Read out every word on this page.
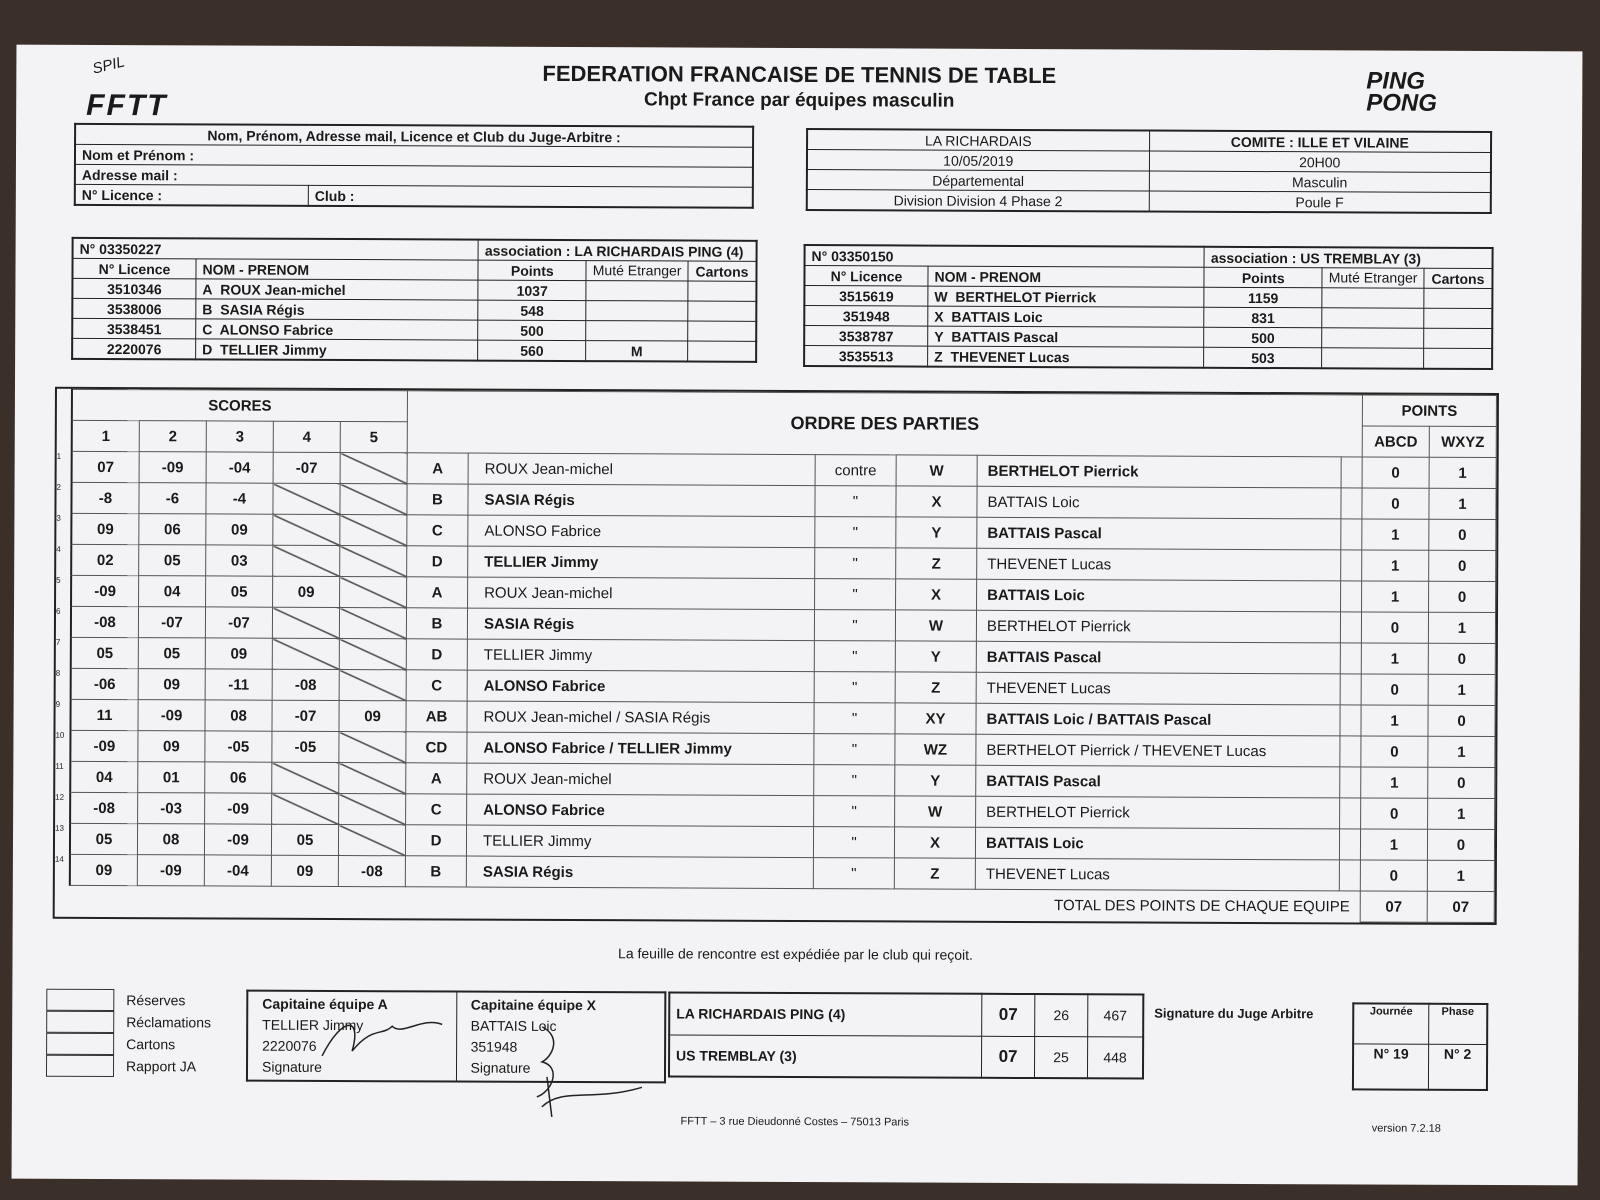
SPIL
FFTT
FEDERATION FRANCAISE DE TENNIS DE TABLE
Chpt France par équipes masculin
PING
PONG
Nom, Prénom, Adresse mail, Licence et Club du Juge-Arbitre :
Nom et Prénom :
Adresse mail :
N° Licence :	Club :
LA RICHARDAIS	COMITE : ILLE ET VILAINE
10/05/2019	20H00
Départemental	Masculin
Division Division 4 Phase 2	Poule F
N° 03350227		association : LA RICHARDAIS PING (4)		
N° Licence	NOM - PRENOM	Points	Muté Etranger	Cartons
3510346	A ROUX Jean-michel	1037		
3538006	B SASIA Régis	548		
3538451	C ALONSO Fabrice	500		
2220076	D TELLIER Jimmy	560	M	
N° 03350150		association : US TREMBLAY (3)		
N° Licence	NOM - PRENOM	Points	Muté Etranger	Cartons
3515619	W BERTHELOT Pierrick	1159		
351948	X BATTAIS Loic	831		
3538787	Y BATTAIS Pascal	500		
3535513	Z THEVENET Lucas	503		
	SCORES					ORDRE DES PARTIES						POINTS	
	1	2	3	4	5							ABCD	WXYZ
1	07	-09	-04	-07		A	ROUX Jean-michel	contre	W	BERTHELOT Pierrick		0	1
2	-8	-6	-4			B	SASIA Régis	"	X	BATTAIS Loic		0	1
3	09	06	09			C	ALONSO Fabrice	"	Y	BATTAIS Pascal		1	0
4	02	05	03			D	TELLIER Jimmy	"	Z	THEVENET Lucas		1	0
5	-09	04	05	09		A	ROUX Jean-michel	"	X	BATTAIS Loic		1	0
6	-08	-07	-07			B	SASIA Régis	"	W	BERTHELOT Pierrick		0	1
7	05	05	09			D	TELLIER Jimmy	"	Y	BATTAIS Pascal		1	0
8	-06	09	-11	-08		C	ALONSO Fabrice	"	Z	THEVENET Lucas		0	1
9	11	-09	08	-07	09	AB	ROUX Jean-michel / SASIA Régis	"	XY	BATTAIS Loic / BATTAIS Pascal		1	0
10	-09	09	-05	-05		CD	ALONSO Fabrice / TELLIER Jimmy	"	WZ	BERTHELOT Pierrick / THEVENET Lucas		0	1
11	04	01	06			A	ROUX Jean-michel	"	Y	BATTAIS Pascal		1	0
12	-08	-03	-09			C	ALONSO Fabrice	"	W	BERTHELOT Pierrick		0	1
13	05	08	-09	05		D	TELLIER Jimmy	"	X	BATTAIS Loic		1	0
14	09	-09	-04	09	-08	B	SASIA Régis	"	Z	THEVENET Lucas		0	1
	TOTAL DES POINTS DE CHAQUE EQUIPE											07	07
La feuille de rencontre est expédiée par le club qui reçoit.
Réserves
Réclamations
Cartons
Rapport JA
Capitaine équipe A
TELLIER Jimmy
2220076
Signature

Capitaine équipe X
BATTAIS Loic
351948
Signature
LA RICHARDAIS PING (4)	07	26	467
US TREMBLAY (3)	07	25	448
Signature du Juge Arbitre	Journée	Phase
N° 19	N° 2
FFTT – 3 rue Dieudonné Costes – 75013 Paris
version 7.2.18
